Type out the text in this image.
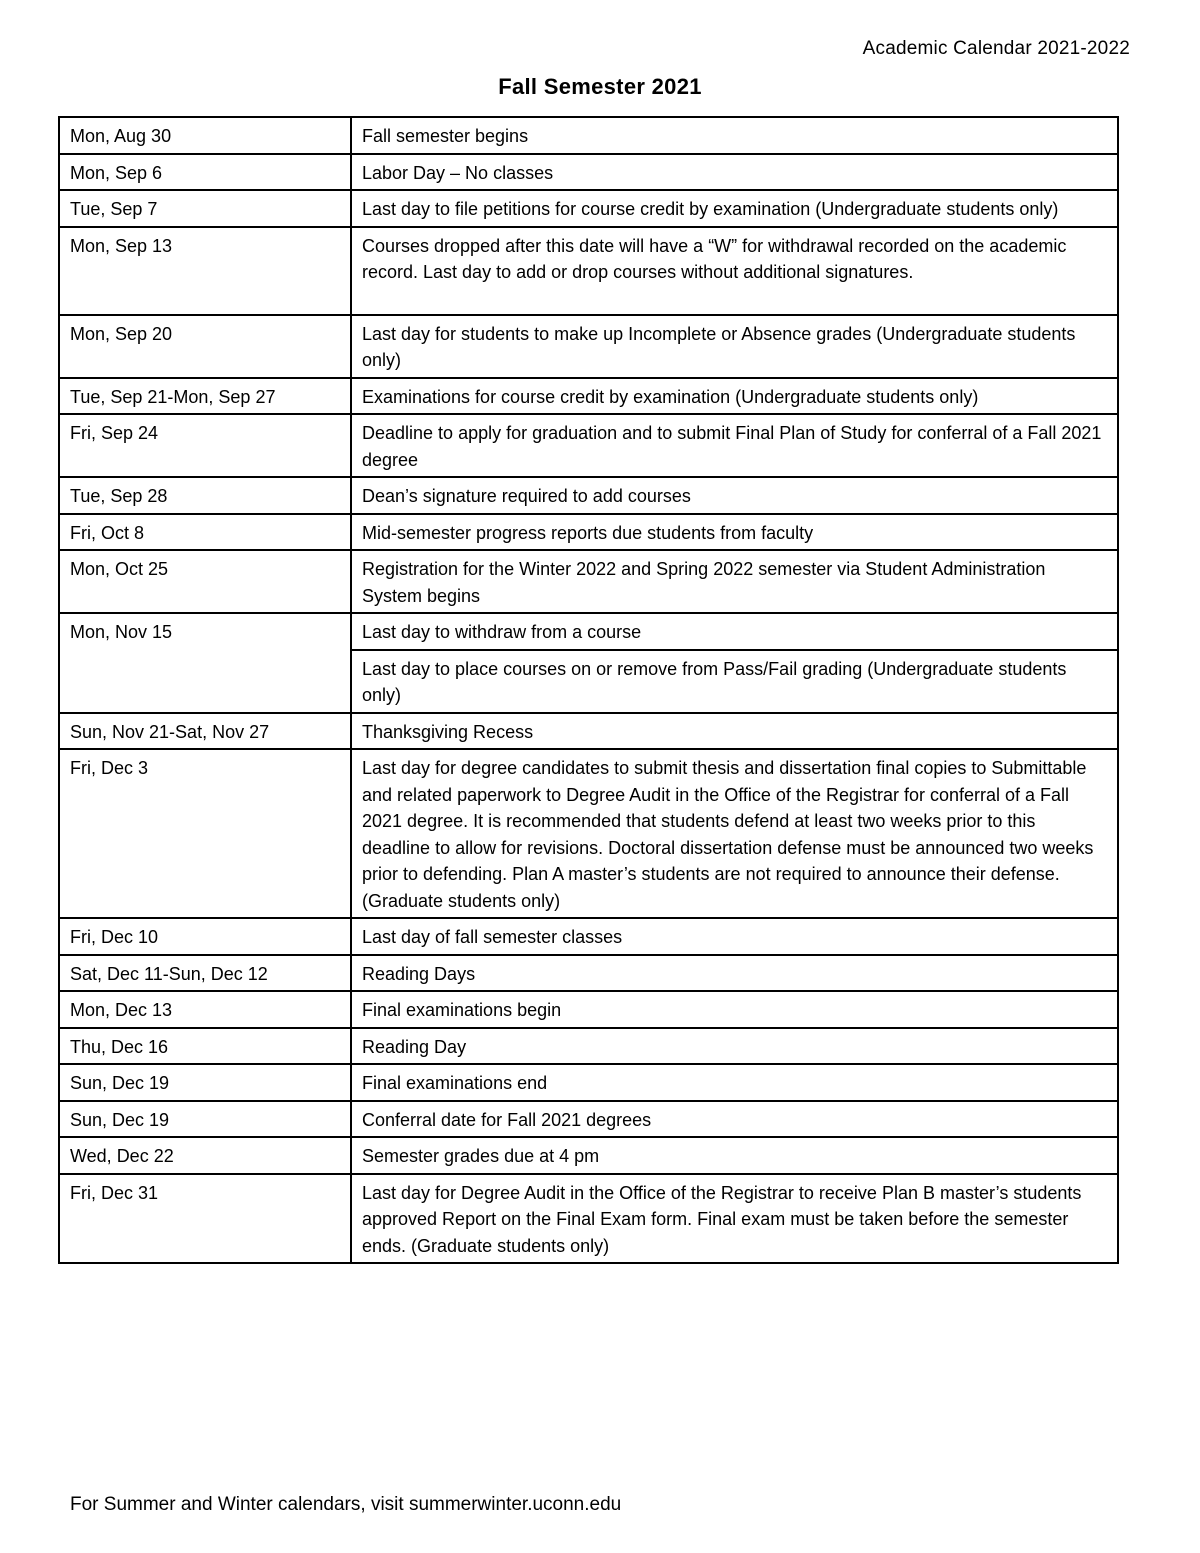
Academic Calendar 2021-2022
Fall Semester 2021
Mon, Aug 30	Fall semester begins
Mon, Sep 6	Labor Day – No classes
Tue, Sep 7	Last day to file petitions for course credit by examination (Undergraduate students only)
Mon, Sep 13	Courses dropped after this date will have a “W” for withdrawal recorded on the academic record. Last day to add or drop courses without additional signatures.
Mon, Sep 20	Last day for students to make up Incomplete or Absence grades (Undergraduate students only)
Tue, Sep 21-Mon, Sep 27	Examinations for course credit by examination (Undergraduate students only)
Fri, Sep 24	Deadline to apply for graduation and to submit Final Plan of Study for conferral of a Fall 2021 degree
Tue, Sep 28	Dean’s signature required to add courses
Fri, Oct 8	Mid-semester progress reports due students from faculty
Mon, Oct 25	Registration for the Winter 2022 and Spring 2022 semester via Student Administration System begins
Mon, Nov 15	Last day to withdraw from a course
	Last day to place courses on or remove from Pass/Fail grading (Undergraduate students only)
Sun, Nov 21-Sat, Nov 27	Thanksgiving Recess
Fri, Dec 3	Last day for degree candidates to submit thesis and dissertation final copies to Submittable and related paperwork to Degree Audit in the Office of the Registrar for conferral of a Fall 2021 degree. It is recommended that students defend at least two weeks prior to this deadline to allow for revisions. Doctoral dissertation defense must be announced two weeks prior to defending. Plan A master’s students are not required to announce their defense. (Graduate students only)
Fri, Dec 10	Last day of fall semester classes
Sat, Dec 11-Sun, Dec 12	Reading Days
Mon, Dec 13	Final examinations begin
Thu, Dec 16	Reading Day
Sun, Dec 19	Final examinations end
Sun, Dec 19	Conferral date for Fall 2021 degrees
Wed, Dec 22	Semester grades due at 4 pm
Fri, Dec 31	Last day for Degree Audit in the Office of the Registrar to receive Plan B master’s students approved Report on the Final Exam form. Final exam must be taken before the semester ends. (Graduate students only)
For Summer and Winter calendars, visit summerwinter.uconn.edu
